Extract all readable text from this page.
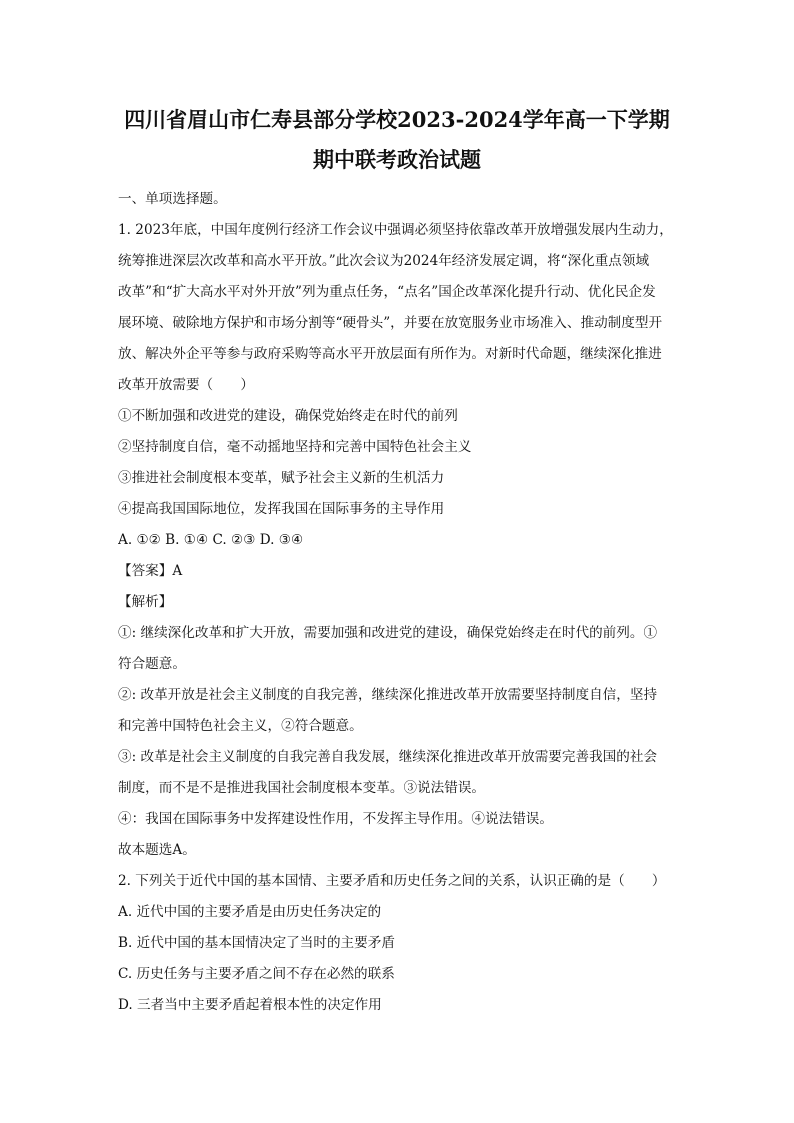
四川省眉山市仁寿县部分学校2023-2024学年高一下学期
期中联考政治试题
一、单项选择题。
1. 2023年底，中国年度例行经济工作会议中强调必须坚持依靠改革开放增强发展内生动力，
统筹推进深层次改革和高水平开放。”此次会议为2024年经济发展定调，将“深化重点领域
改革”和“扩大高水平对外开放”列为重点任务，“点名”国企改革深化提升行动、优化民企发
展环境、破除地方保护和市场分割等“硬骨头”，并要在放宽服务业市场准入、推动制度型开
放、解决外企平等参与政府采购等高水平开放层面有所作为。对新时代命题，继续深化推进
改革开放需要（　　）
①不断加强和改进党的建设，确保党始终走在时代的前列
②坚持制度自信，毫不动摇地坚持和完善中国特色社会主义
③推进社会制度根本变革，赋予社会主义新的生机活力
④提高我国国际地位，发挥我国在国际事务的主导作用
A. ①② B. ①④ C. ②③ D. ③④
【答案】A
【解析】
①: 继续深化改革和扩大开放，需要加强和改进党的建设，确保党始终走在时代的前列。①
符合题意。
②: 改革开放是社会主义制度的自我完善，继续深化推进改革开放需要坚持制度自信，坚持
和完善中国特色社会主义，②符合题意。
③: 改革是社会主义制度的自我完善自我发展，继续深化推进改革开放需要完善我国的社会
制度，而不是不是推进我国社会制度根本变革。③说法错误。
④：我国在国际事务中发挥建设性作用，不发挥主导作用。④说法错误。
故本题选A。
2. 下列关于近代中国的基本国情、主要矛盾和历史任务之间的关系，认识正确的是（　　）
A. 近代中国的主要矛盾是由历史任务决定的
B. 近代中国的基本国情决定了当时的主要矛盾
C. 历史任务与主要矛盾之间不存在必然的联系
D. 三者当中主要矛盾起着根本性的决定作用
